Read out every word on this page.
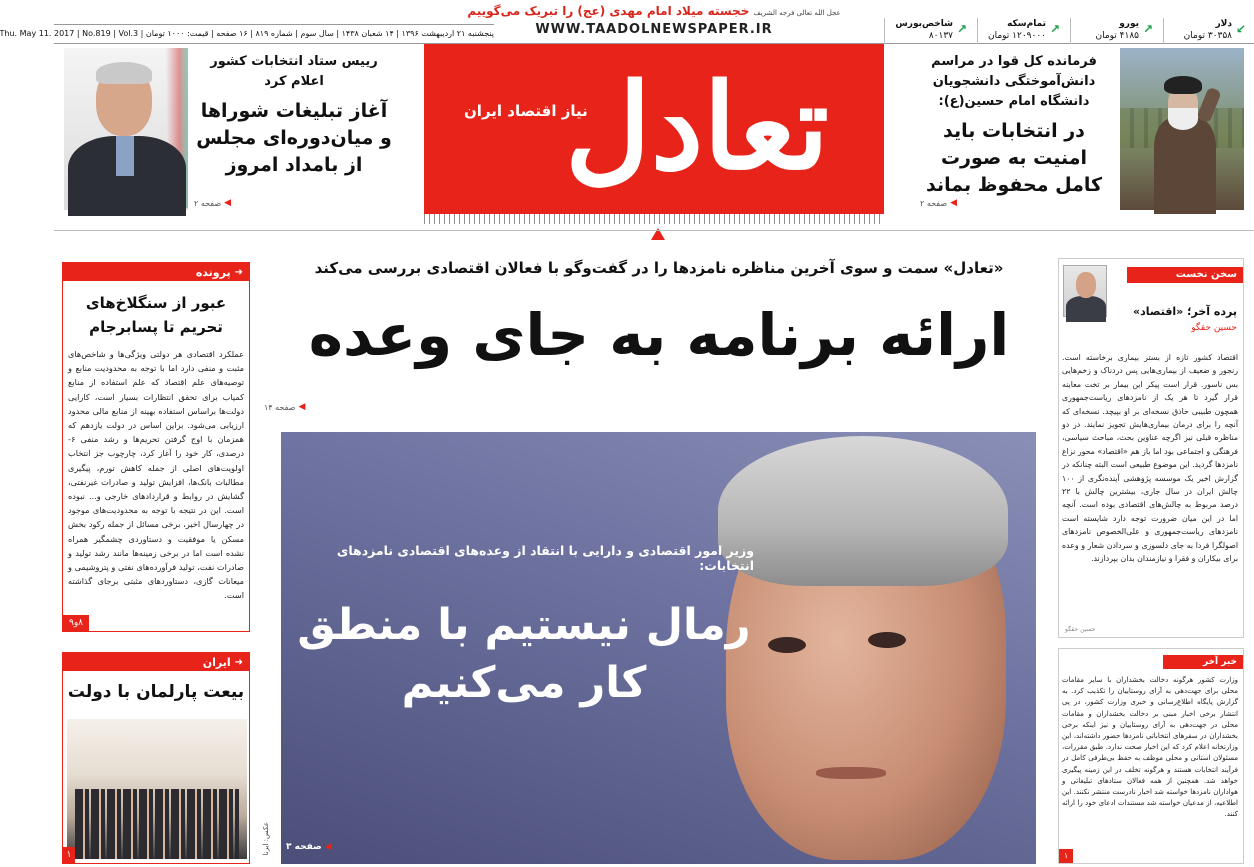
↙
دلار
۳۰۳۵۸ تومان
↗
یورو
۴۱۸۵ تومان
↗
تمام‌سکه
۱۲۰۹۰۰۰ تومان
↗
شاخص‌بورس
۸۰۱۳۷
عجل الله تعالی فرجه الشریف خجسته میلاد امام مهدی (عج) را تبریک می‌گوییم
WWW.TAADOLNEWSPAPER.IR
پنجشنبه ۲۱ اردیبهشت ۱۳۹۶ | ۱۴ شعبان ۱۴۳۸ | سال سوم | شماره ۸۱۹ | ۱۶ صفحه | قیمت: ۱۰۰۰ تومان | Thu. May 11. 2017 | No.819 | Vol.3
تعادل
نیاز اقتصاد ایران
رییس ستاد انتخابات کشور اعلام کرد
آغاز تبلیغات شوراها و میان‌دوره‌ای مجلس از بامداد امروز
◀
صفحه ۲
فرمانده کل قوا در مراسم دانش‌آموختگی دانشجویان دانشگاه امام حسین(ع):
در انتخابات باید امنیت به صورت کامل محفوظ بماند
◀
صفحه ۲
➜
پرونده
عبور از سنگلاخ‌های تحریم تا پسابرجام
عملکرد اقتصادی هر دولتی ویژگی‌ها و شاخص‌های مثبت و منفی دارد اما با توجه به محدودیت منابع و توصیه‌های علم اقتصاد که علم استفاده از منابع کمیاب برای تحقق انتظارات بسیار است، کارایی دولت‌ها براساس استفاده بهینه از منابع مالی محدود ارزیابی می‌شود. براین اساس در دولت یازدهم که همزمان با اوج گرفتن تحریم‌ها و رشد منفی ۶- درصدی، کار خود را آغاز کرد، چارچوب جز انتخاب اولویت‌های اصلی از جمله کاهش تورم، پیگیری مطالبات بانک‌ها، افزایش تولید و صادرات غیرنفتی، گشایش در روابط و قراردادهای خارجی و... نبوده است. این در نتیجه با توجه به محدودیت‌های موجود در چهارسال اخیر، برخی مسائل از جمله رکود بخش مسکن یا موفقیت و دستاوردی چشمگیر همراه نشده است اما در برخی زمینه‌ها مانند رشد تولید و صادرات نفت، تولید فرآورده‌های نفتی و پتروشیمی و میعانات گازی، دستاوردهای مثبتی برجای گذاشته است.
۸و۹
➜
ایران
بیعت پارلمان با دولت
۱
«تعادل» سمت و سوی آخرین مناظره نامزدها را در گفت‌وگو با فعالان اقتصادی بررسی می‌کند
ارائه برنامه به جای وعده
◀
صفحه ۱۴
وزیر امور اقتصادی و دارایی با انتقاد از وعده‌های اقتصادی نامزدهای انتخابات:
رمال نیستیم با منطق کار می‌کنیم
◀
صفحه ۳
عکس: ایرنا
سخن نخست
پرده آخر؛ «اقتصاد»
حسین حقگو
اقتصاد کشور تازه از بستر بیماری برخاسته است. رنجور و ضعیف از بیماری‌هایی پس دردناک و زخم‌هایی بس ناسور. قرار است پیکر این بیمار بر تخت معاینه قرار گیرد تا هر یک از نامزدهای ریاست‌جمهوری همچون طبیبی حاذق نسخه‌ای بر او بپیچد. نسخه‌ای که آنچه را برای درمان بیماری‌هایش تجویز نمایند. در دو مناظره قبلی نیز اگرچه عناوین بحث، مباحث سیاسی، فرهنگی و اجتماعی بود اما باز هم «اقتصاد» محور نزاع نامزدها گردید. این موضوع طبیعی است البته چنانکه در گزارش اخیر یک موسسه پژوهشی آینده‌نگری از ۱۰۰ چالش ایران در سال جاری، بیشترین چالش با ۲۲ درصد مربوط به چالش‌های اقتصادی بوده است. آنچه اما در این میان ضرورت توجه دارد شایسته است نامزدهای ریاست‌جمهوری و علی‌الخصوص نامزدهای اصولگرا فردا به جای دلسوزی و سردادن شعار و وعده برای بیکاران و فقرا و نیازمندان بدان بپردازند.
حسین حقگو
خبر آخر
وزارت کشور هرگونه دخالت بخشداران با سایر مقامات محلی برای جهت‌دهی به آرای روستاییان را تکذیب کرد. به گزارش پایگاه اطلاع‌رسانی و خبری وزارت کشور، در پی انتشار برخی اخبار مبنی بر دخالت بخشداران و مقامات محلی در جهت‌دهی به آرای روستاییان و نیز اینکه برخی بخشداران در سفرهای انتخاباتی نامزدها حضور داشته‌اند، این وزارتخانه اعلام کرد که این اخبار صحت ندارد. طبق مقررات، مسئولان استانی و محلی موظف به حفظ بی‌طرفی کامل در فرآیند انتخابات هستند و هرگونه تخلف در این زمینه پیگیری خواهد شد. همچنین از همه فعالان ستادهای تبلیغاتی و هواداران نامزدها خواسته شد اخبار نادرست منتشر نکنند. این اطلاعیه، از مدعیان خواسته شد مستندات ادعای خود را ارائه کنند.
۱
